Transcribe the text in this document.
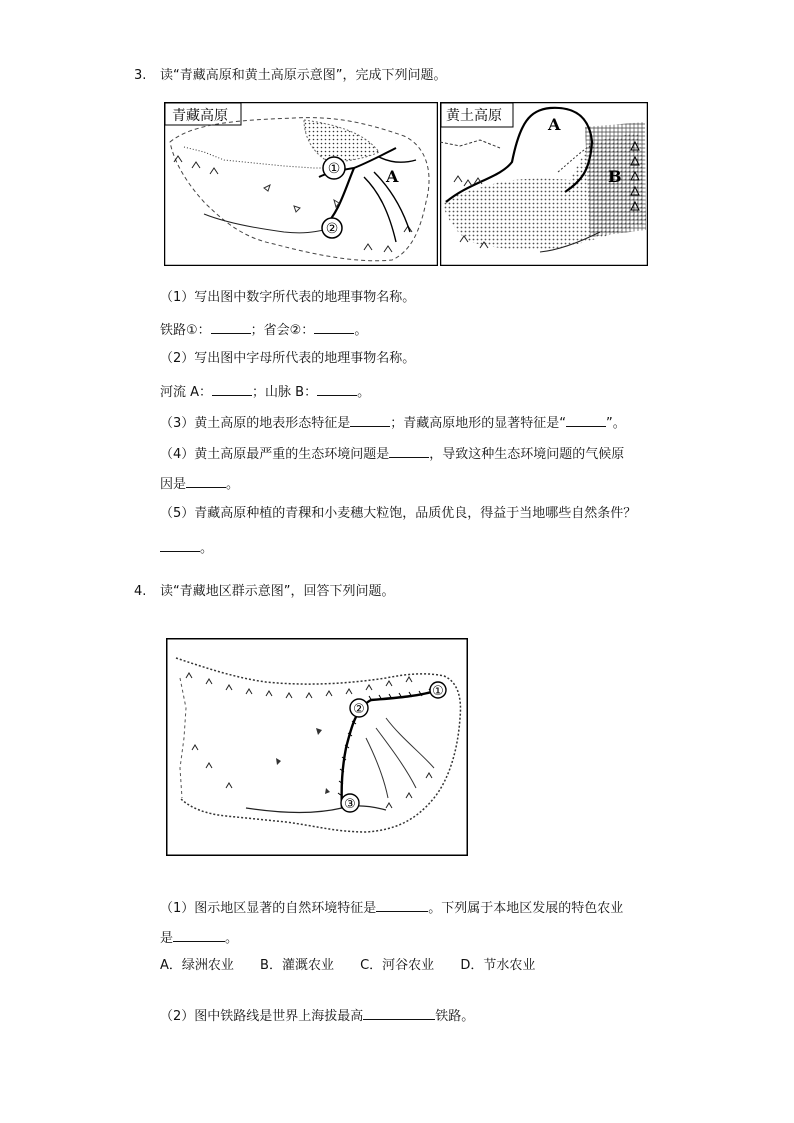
3. 读“青藏高原和黄土高原示意图”，完成下列问题。
①
②
A
青藏高原	A
B
黄土高原
（1）写出图中数字所代表的地理事物名称。
铁路①：	；省会②：	。
（2）写出图中字母所代表的地理事物名称。
河流 A：	；山脉 B：	。
（3）黄土高原的地表形态特征是	；青藏高原地形的显著特征是“	”。
（4）黄土高原最严重的生态环境问题是	，导致这种生态环境问题的气候原
因是	。
（5）青藏高原种植的青稞和小麦穗大粒饱，品质优良，得益于当地哪些自然条件？
。
4. 读“青藏地区群示意图”，回答下列问题。
①
②
③
（1）图示地区显著的自然环境特征是	。下列属于本地区发展的特色农业
是	。
A．绿洲农业 B．灌溉农业 C．河谷农业 D．节水农业
（2）图中铁路线是世界上海拔最高	铁路。
